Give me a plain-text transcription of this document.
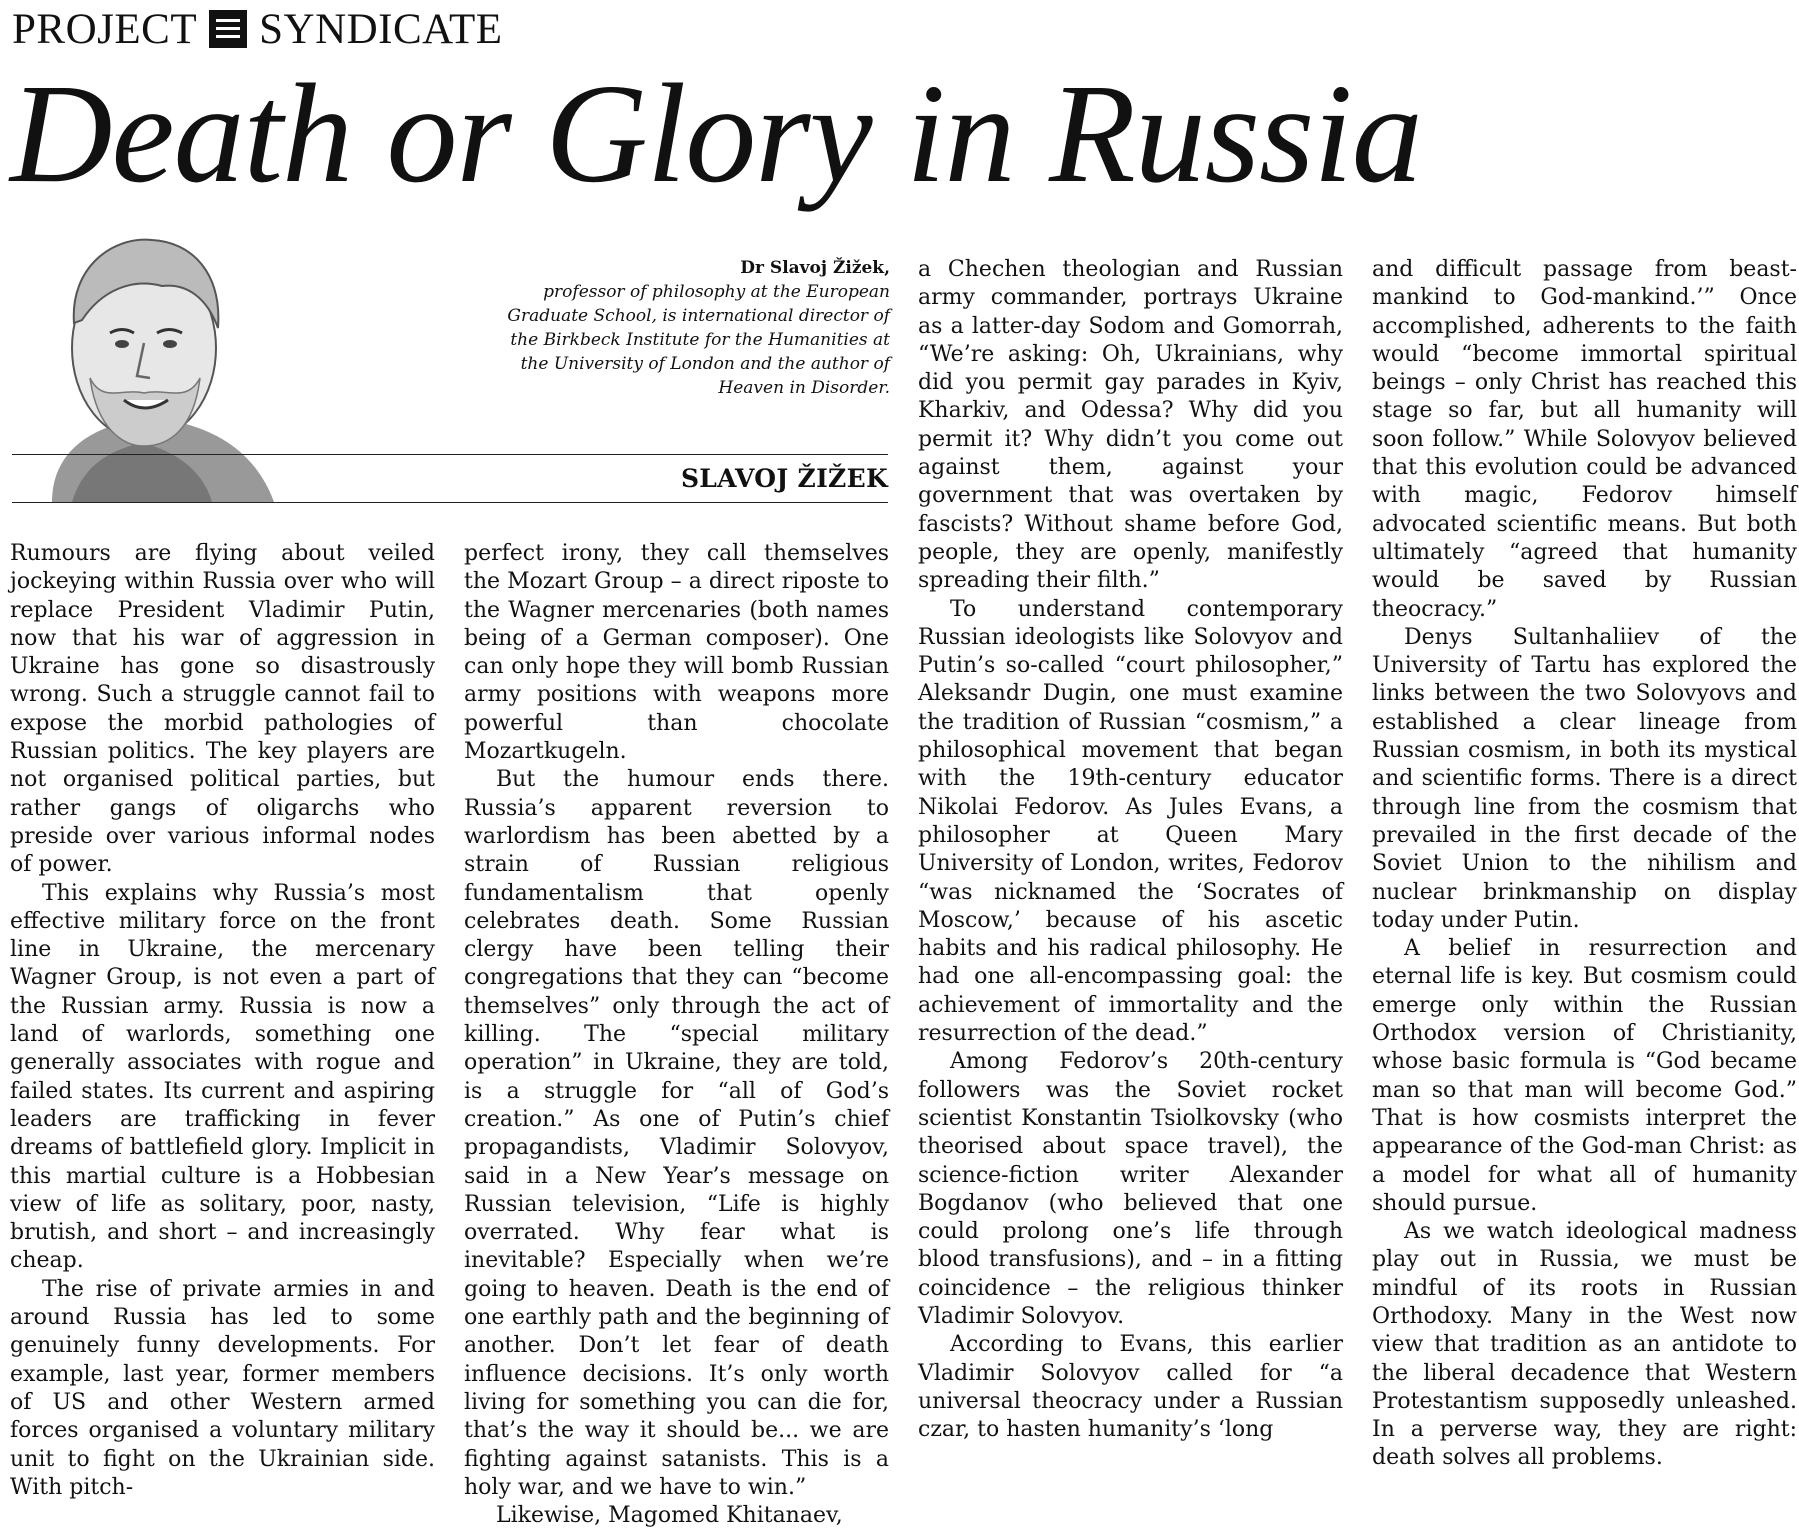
PROJECT SYNDICATE
Death or Glory in Russia
Dr Slavoj Žižek,
professor of philosophy at the European Graduate School, is international director of the Birkbeck Institute for the Humanities at the University of London and the author of Heaven in Disorder.
SLAVOJ ŽIŽEK

Rumours are flying about veiled jockeying within Russia over who will replace President Vladimir Putin, now that his war of aggression in Ukraine has gone so disastrously wrong. Such a struggle cannot fail to expose the morbid pathologies of Russian politics. The key players are not organised political parties, but rather gangs of oligarchs who preside over various informal nodes of power.

This explains why Russia’s most effective military force on the front line in Ukraine, the mercenary Wagner Group, is not even a part of the Russian army. Russia is now a land of warlords, something one generally associates with rogue and failed states. Its current and aspiring leaders are trafficking in fever dreams of battlefield glory. Implicit in this martial culture is a Hobbesian view of life as solitary, poor, nasty, brutish, and short – and increasingly cheap.

The rise of private armies in and around Russia has led to some genuinely funny developments. For example, last year, former members of US and other Western armed forces organised a voluntary military unit to fight on the Ukrainian side. With pitch-

perfect irony, they call themselves the Mozart Group – a direct riposte to the Wagner mercenaries (both names being of a German composer). One can only hope they will bomb Russian army positions with weapons more powerful than chocolate Mozartkugeln.

But the humour ends there. Russia’s apparent reversion to warlordism has been abetted by a strain of Russian religious fundamentalism that openly celebrates death. Some Russian clergy have been telling their congregations that they can “become themselves” only through the act of killing. The “special military operation” in Ukraine, they are told, is a struggle for “all of God’s creation.” As one of Putin’s chief propagandists, Vladimir Solovyov, said in a New Year’s message on Russian television, “Life is highly overrated. Why fear what is inevitable? Especially when we’re going to heaven. Death is the end of one earthly path and the beginning of another. Don’t let fear of death influence decisions. It’s only worth living for something you can die for, that’s the way it should be... we are fighting against satanists. This is a holy war, and we have to win.”

Likewise, Magomed Khitanaev,

a Chechen theologian and Russian army commander, portrays Ukraine as a latter-day Sodom and Gomorrah, “We’re asking: Oh, Ukrainians, why did you permit gay parades in Kyiv, Kharkiv, and Odessa? Why did you permit it? Why didn’t you come out against them, against your government that was overtaken by fascists? Without shame before God, people, they are openly, manifestly spreading their filth.”

To understand contemporary Russian ideologists like Solovyov and Putin’s so-called “court philosopher,” Aleksandr Dugin, one must examine the tradition of Russian “cosmism,” a philosophical movement that began with the 19th-century educator Nikolai Fedorov. As Jules Evans, a philosopher at Queen Mary University of London, writes, Fedorov “was nicknamed the ‘Socrates of Moscow,’ because of his ascetic habits and his radical philosophy. He had one all-encompassing goal: the achievement of immortality and the resurrection of the dead.”

Among Fedorov’s 20th-century followers was the Soviet rocket scientist Konstantin Tsiolkovsky (who theorised about space travel), the science-fiction writer Alexander Bogdanov (who believed that one could prolong one’s life through blood transfusions), and – in a fitting coincidence – the religious thinker Vladimir Solovyov.

According to Evans, this earlier Vladimir Solovyov called for “a universal theocracy under a Russian czar, to hasten humanity’s ‘long

and difficult passage from beast-mankind to God-mankind.’” Once accomplished, adherents to the faith would “become immortal spiritual beings – only Christ has reached this stage so far, but all humanity will soon follow.” While Solovyov believed that this evolution could be advanced with magic, Fedorov himself advocated scientific means. But both ultimately “agreed that humanity would be saved by Russian theocracy.”

Denys Sultanhaliiev of the University of Tartu has explored the links between the two Solovyovs and established a clear lineage from Russian cosmism, in both its mystical and scientific forms. There is a direct through line from the cosmism that prevailed in the first decade of the Soviet Union to the nihilism and nuclear brinkmanship on display today under Putin.

A belief in resurrection and eternal life is key. But cosmism could emerge only within the Russian Orthodox version of Christianity, whose basic formula is “God became man so that man will become God.” That is how cosmists interpret the appearance of the God-man Christ: as a model for what all of humanity should pursue.

As we watch ideological madness play out in Russia, we must be mindful of its roots in Russian Orthodoxy. Many in the West now view that tradition as an antidote to the liberal decadence that Western Protestantism supposedly unleashed. In a perverse way, they are right: death solves all problems.
